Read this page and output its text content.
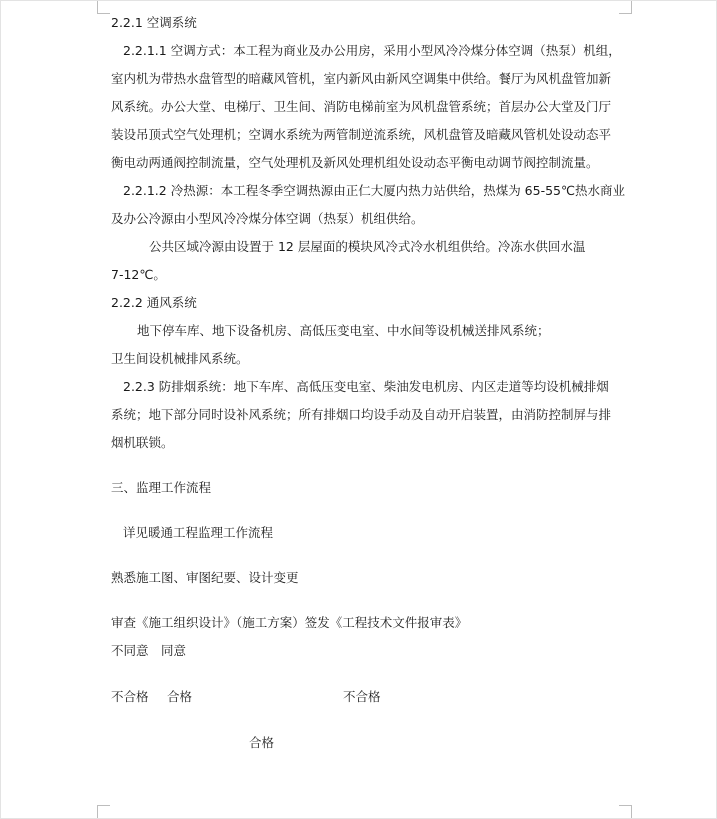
2.2.1 空调系统

2.2.1.1 空调方式：本工程为商业及办公用房，采用小型风冷冷煤分体空调（热泵）机组，

室内机为带热水盘管型的暗藏风管机，室内新风由新风空调集中供给。餐厅为风机盘管加新

风系统。办公大堂、电梯厅、卫生间、消防电梯前室为风机盘管系统；首层办公大堂及门厅

装设吊顶式空气处理机；空调水系统为两管制逆流系统，风机盘管及暗藏风管机处设动态平

衡电动两通阀控制流量，空气处理机及新风处理机组处设动态平衡电动调节阀控制流量。

2.2.1.2 冷热源：本工程冬季空调热源由正仁大厦内热力站供给，热煤为 65-55℃热水商业

及办公冷源由小型风冷冷煤分体空调（热泵）机组供给。

公共区域冷源由设置于 12 层屋面的模块风冷式冷水机组供给。冷冻水供回水温

7-12℃。

2.2.2 通风系统

地下停车库、地下设备机房、高低压变电室、中水间等设机械送排风系统；

卫生间设机械排风系统。

2.2.3 防排烟系统：地下车库、高低压变电室、柴油发电机房、内区走道等均设机械排烟

系统；地下部分同时设补风系统；所有排烟口均设手动及自动开启装置，由消防控制屏与排

烟机联锁。

三、监理工作流程

详见暖通工程监理工作流程

熟悉施工图、审图纪要、设计变更

审查《施工组织设计》（施工方案）签发《工程技术文件报审表》

不同意 同意
不合格 合格	不合格
合格
